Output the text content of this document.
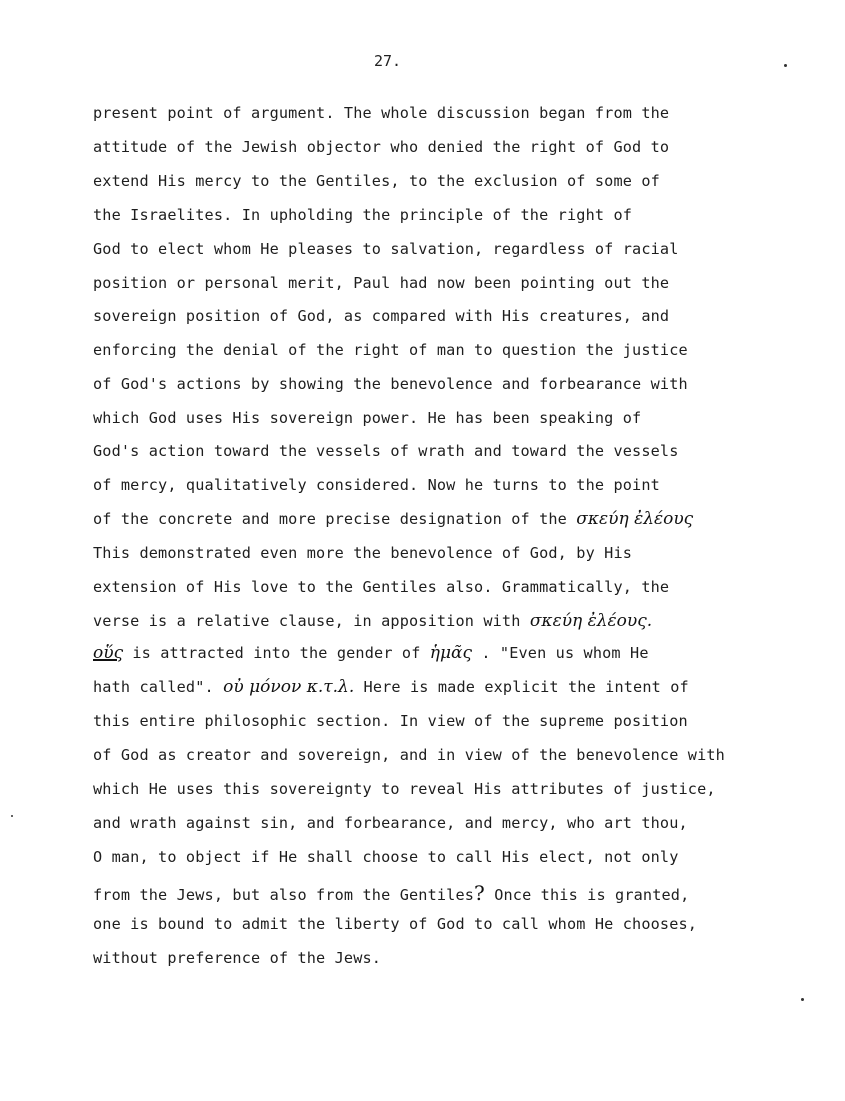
27.
present point of argument. The whole discussion began from the
attitude of the Jewish objector who denied the right of God to
extend His mercy to the Gentiles, to the exclusion of some of
the Israelites. In upholding the principle of the right of
God to elect whom He pleases to salvation, regardless of racial
position or personal merit, Paul had now been pointing out the
sovereign position of God, as compared with His creatures, and
enforcing the denial of the right of man to question the justice
of God's actions by showing the benevolence and forbearance with
which God uses His sovereign power. He has been speaking of
God's action toward the vessels of wrath and toward the vessels
of mercy, qualitatively considered. Now he turns to the point
of the concrete and more precise designation of the σκεύη ἐλέους
This demonstrated even more the benevolence of God, by His
extension of His love to the Gentiles also. Grammatically, the
verse is a relative clause, in apposition with σκεύη ἐλέους.
οὕς is attracted into the gender of ἡμᾶς . "Even us whom He
hath called". οὐ μόνον κ.τ.λ. Here is made explicit the intent of
this entire philosophic section. In view of the supreme position
of God as creator and sovereign, and in view of the benevolence with
which He uses this sovereignty to reveal His attributes of justice,
and wrath against sin, and forbearance, and mercy, who art thou,
O man, to object if He shall choose to call His elect, not only
from the Jews, but also from the Gentiles? Once this is granted,
one is bound to admit the liberty of God to call whom He chooses,
without preference of the Jews.
